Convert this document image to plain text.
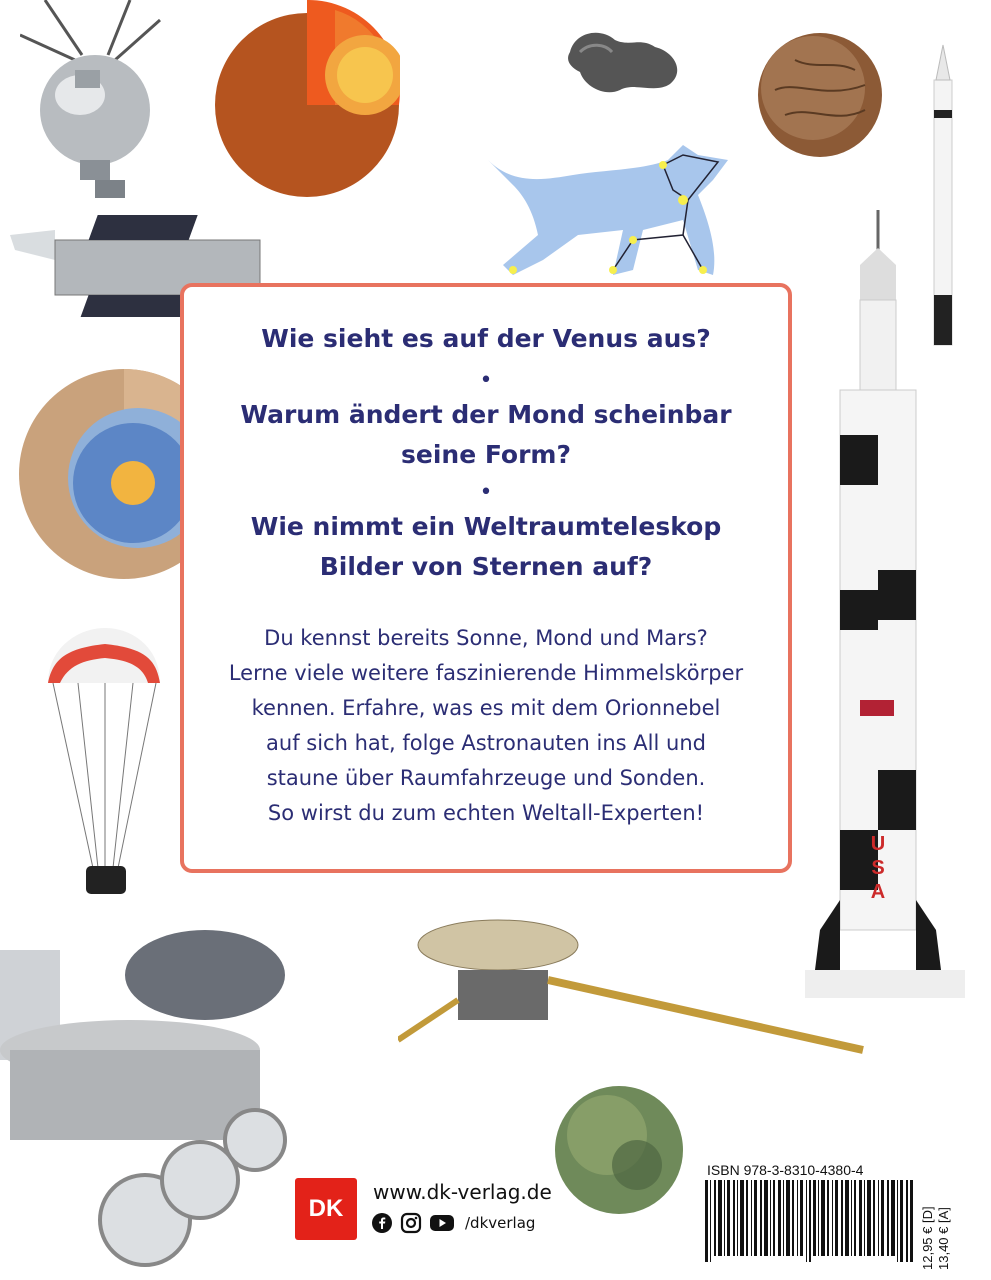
U
S
A
Wie sieht es auf der Venus aus?
•
Warum ändert der Mond scheinbar
seine Form?
•
Wie nimmt ein Weltraumteleskop
Bilder von Sternen auf?
Du kennst bereits Sonne, Mond und Mars?
Lerne viele weitere faszinierende Himmelskörper
kennen. Erfahre, was es mit dem Orionnebel
auf sich hat, folge Astronauten ins All und
staune über Raumfahrzeuge und Sonden.
So wirst du zum echten Weltall-Experten!
DK
www.dk-verlag.de
/dkverlag
ISBN 978-3-8310-4380-4
12,95 € [D] 13,40 € [A]
